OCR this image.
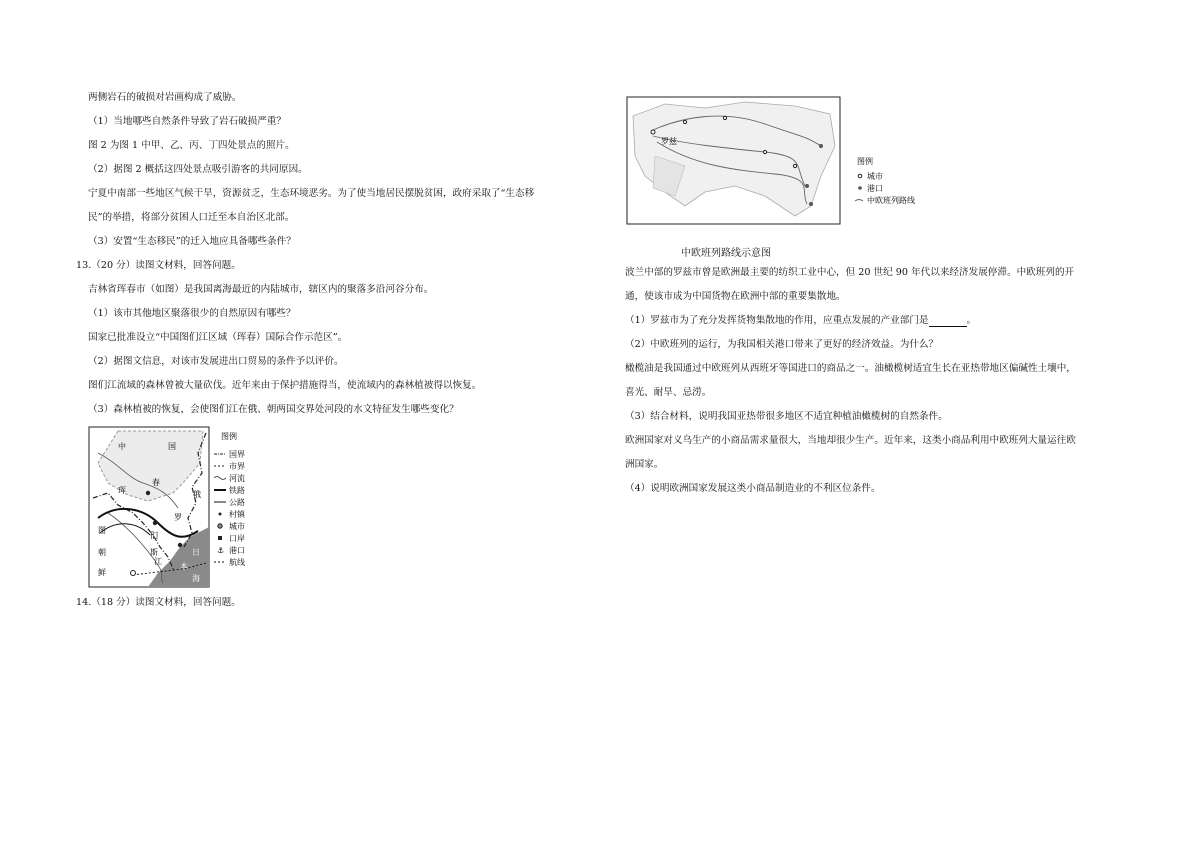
两侧岩石的破损对岩画构成了威胁。

（1）当地哪些自然条件导致了岩石破损严重？

图 2 为图 1 中甲、乙、丙、丁四处景点的照片。

（2）据图 2 概括这四处景点吸引游客的共同原因。

宁夏中南部一些地区气候干旱，资源贫乏，生态环境恶劣。为了使当地居民摆脱贫困，政府采取了“生态移

民”的举措，将部分贫困人口迁至本自治区北部。

（3）安置“生态移民”的迁入地应具备哪些条件？

13.（20 分）读图文材料，回答问题。

吉林省珲春市（如图）是我国离海最近的内陆城市，辖区内的聚落多沿河谷分布。

（1）该市其他地区聚落很少的自然原因有哪些？

国家已批准设立“中国图们江区域（珲春）国际合作示范区”。

（2）据图文信息，对该市发展进出口贸易的条件予以评价。

图们江流域的森林曾被大量砍伐。近年来由于保护措施得当，使流域内的森林植被得以恢复。

（3）森林植被的恢复，会使图们江在俄、朝两国交界处河段的水文特征发生哪些变化？

中	国
俄
罗
斯
朝
鲜
珲
春
图
们
江
日
本
海
图例
国界
市界
河流
铁路
公路
村镇
城市
口岸
⚓ 港口
航线

14.（18 分）读图文材料，回答问题。

罗兹
图例
城市
港口
中欧班列路线
中欧班列路线示意图

波兰中部的罗兹市曾是欧洲最主要的纺织工业中心，但 20 世纪 90 年代以来经济发展停滞。中欧班列的开

通，使该市成为中国货物在欧洲中部的重要集散地。

（1）罗兹市为了充分发挥货物集散地的作用，应重点发展的产业部门是	。

（2）中欧班列的运行，为我国相关港口带来了更好的经济效益。为什么？

橄榄油是我国通过中欧班列从西班牙等国进口的商品之一。油橄榄树适宜生长在亚热带地区偏碱性土壤中，

喜光、耐旱、忌涝。

（3）结合材料，说明我国亚热带很多地区不适宜种植油橄榄树的自然条件。

欧洲国家对义乌生产的小商品需求量很大，当地却很少生产。近年来，这类小商品利用中欧班列大量运往欧

洲国家。

（4）说明欧洲国家发展这类小商品制造业的不利区位条件。
